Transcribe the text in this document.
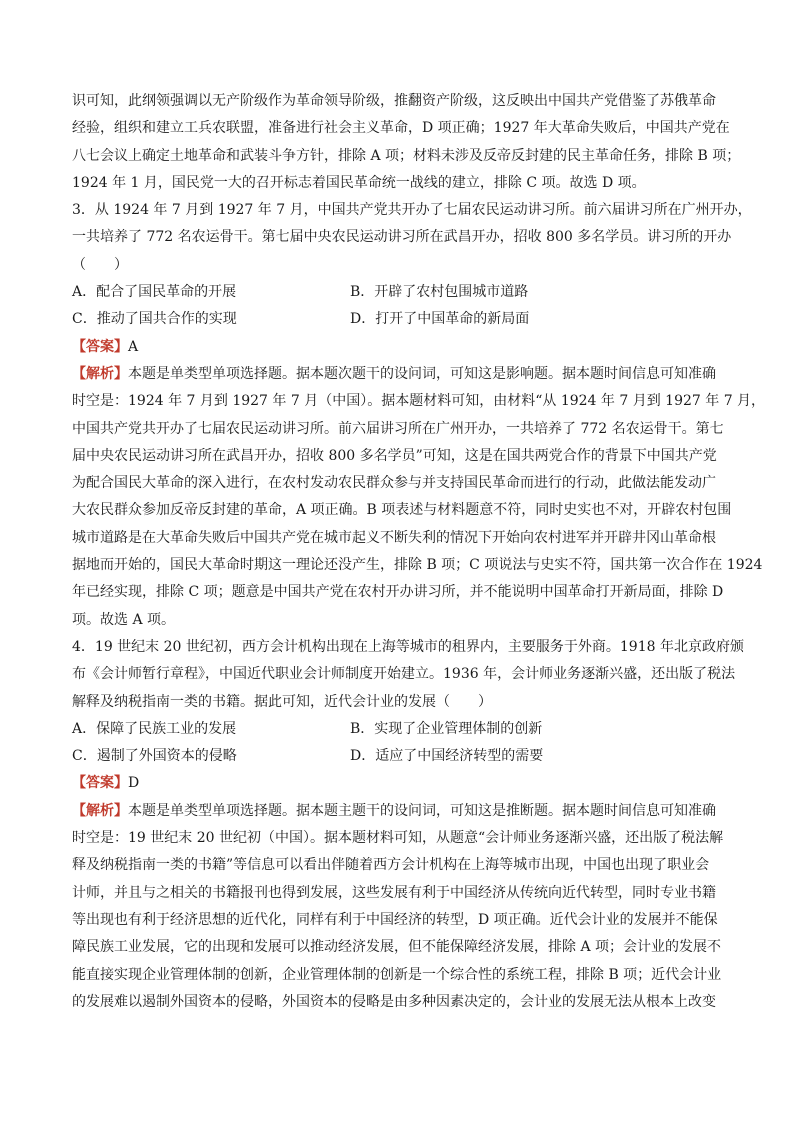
识可知，此纲领强调以无产阶级作为革命领导阶级，推翻资产阶级，这反映出中国共产党借鉴了苏俄革命
经验，组织和建立工兵农联盟，准备进行社会主义革命，D 项正确；1927 年大革命失败后，中国共产党在
八七会议上确定土地革命和武装斗争方针，排除 A 项；材料未涉及反帝反封建的民主革命任务，排除 B 项；
1924 年 1 月，国民党一大的召开标志着国民革命统一战线的建立，排除 C 项。故选 D 项。
3．从 1924 年 7 月到 1927 年 7 月，中国共产党共开办了七届农民运动讲习所。前六届讲习所在广州开办，
一共培养了 772 名农运骨干。第七届中央农民运动讲习所在武昌开办，招收 800 多名学员。讲习所的开办
（　　）
A．配合了国民革命的开展	B．开辟了农村包围城市道路
C．推动了国共合作的实现	D．打开了中国革命的新局面
【答案】A
【解析】本题是单类型单项选择题。据本题次题干的设问词，可知这是影响题。据本题时间信息可知准确
时空是：1924 年 7 月到 1927 年 7 月（中国）。据本题材料可知，由材料“从 1924 年 7 月到 1927 年 7 月，
中国共产党共开办了七届农民运动讲习所。前六届讲习所在广州开办，一共培养了 772 名农运骨干。第七
届中央农民运动讲习所在武昌开办，招收 800 多名学员”可知，这是在国共两党合作的背景下中国共产党
为配合国民大革命的深入进行，在农村发动农民群众参与并支持国民革命而进行的行动，此做法能发动广
大农民群众参加反帝反封建的革命，A 项正确。B 项表述与材料题意不符，同时史实也不对，开辟农村包围
城市道路是在大革命失败后中国共产党在城市起义不断失利的情况下开始向农村进军并开辟井冈山革命根
据地而开始的，国民大革命时期这一理论还没产生，排除 B 项；C 项说法与史实不符，国共第一次合作在 1924
年已经实现，排除 C 项；题意是中国共产党在农村开办讲习所，并不能说明中国革命打开新局面，排除 D
项。故选 A 项。
4．19 世纪末 20 世纪初，西方会计机构出现在上海等城市的租界内，主要服务于外商。1918 年北京政府颁
布《会计师暂行章程》，中国近代职业会计师制度开始建立。1936 年，会计师业务逐渐兴盛，还出版了税法
解释及纳税指南一类的书籍。据此可知，近代会计业的发展（　　）
A．保障了民族工业的发展	B．实现了企业管理体制的创新
C．遏制了外国资本的侵略	D．适应了中国经济转型的需要
【答案】D
【解析】本题是单类型单项选择题。据本题主题干的设问词，可知这是推断题。据本题时间信息可知准确
时空是：19 世纪末 20 世纪初（中国）。据本题材料可知，从题意“会计师业务逐渐兴盛，还出版了税法解
释及纳税指南一类的书籍”等信息可以看出伴随着西方会计机构在上海等城市出现，中国也出现了职业会
计师，并且与之相关的书籍报刊也得到发展，这些发展有利于中国经济从传统向近代转型，同时专业书籍
等出现也有利于经济思想的近代化，同样有利于中国经济的转型，D 项正确。近代会计业的发展并不能保
障民族工业发展，它的出现和发展可以推动经济发展，但不能保障经济发展，排除 A 项；会计业的发展不
能直接实现企业管理体制的创新，企业管理体制的创新是一个综合性的系统工程，排除 B 项；近代会计业
的发展难以遏制外国资本的侵略，外国资本的侵略是由多种因素决定的，会计业的发展无法从根本上改变
